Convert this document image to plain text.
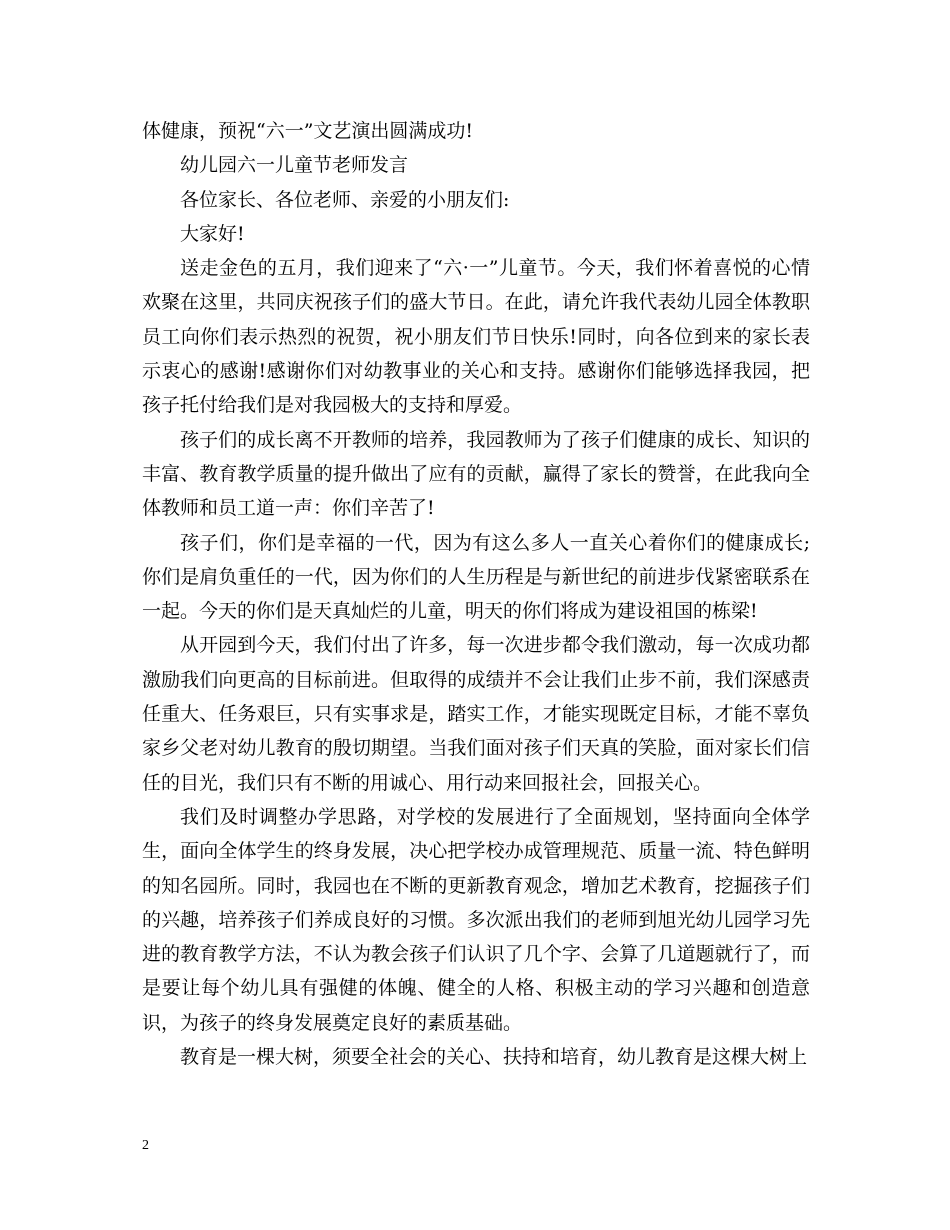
体健康，预祝“六一”文艺演出圆满成功!

幼儿园六一儿童节老师发言

各位家长、各位老师、亲爱的小朋友们:

大家好!

送走金色的五月，我们迎来了“六·一”儿童节。今天，我们怀着喜悦的心情欢聚在这里，共同庆祝孩子们的盛大节日。在此，请允许我代表幼儿园全体教职员工向你们表示热烈的祝贺，祝小朋友们节日快乐!同时，向各位到来的家长表示衷心的感谢!感谢你们对幼教事业的关心和支持。感谢你们能够选择我园，把孩子托付给我们是对我园极大的支持和厚爱。

孩子们的成长离不开教师的培养，我园教师为了孩子们健康的成长、知识的丰富、教育教学质量的提升做出了应有的贡献，赢得了家长的赞誉，在此我向全体教师和员工道一声：你们辛苦了!

孩子们，你们是幸福的一代，因为有这么多人一直关心着你们的健康成长;你们是肩负重任的一代，因为你们的人生历程是与新世纪的前进步伐紧密联系在一起。今天的你们是天真灿烂的儿童，明天的你们将成为建设祖国的栋梁!

从开园到今天，我们付出了许多，每一次进步都令我们激动，每一次成功都激励我们向更高的目标前进。但取得的成绩并不会让我们止步不前，我们深感责任重大、任务艰巨，只有实事求是，踏实工作，才能实现既定目标，才能不辜负家乡父老对幼儿教育的殷切期望。当我们面对孩子们天真的笑脸，面对家长们信任的目光，我们只有不断的用诚心、用行动来回报社会，回报关心。

我们及时调整办学思路，对学校的发展进行了全面规划，坚持面向全体学生，面向全体学生的终身发展，决心把学校办成管理规范、质量一流、特色鲜明的知名园所。同时，我园也在不断的更新教育观念，增加艺术教育，挖掘孩子们的兴趣，培养孩子们养成良好的习惯。多次派出我们的老师到旭光幼儿园学习先进的教育教学方法，不认为教会孩子们认识了几个字、会算了几道题就行了，而是要让每个幼儿具有强健的体魄、健全的人格、积极主动的学习兴趣和创造意识，为孩子的终身发展奠定良好的素质基础。

教育是一棵大树，须要全社会的关心、扶持和培育，幼儿教育是这棵大树上

2
